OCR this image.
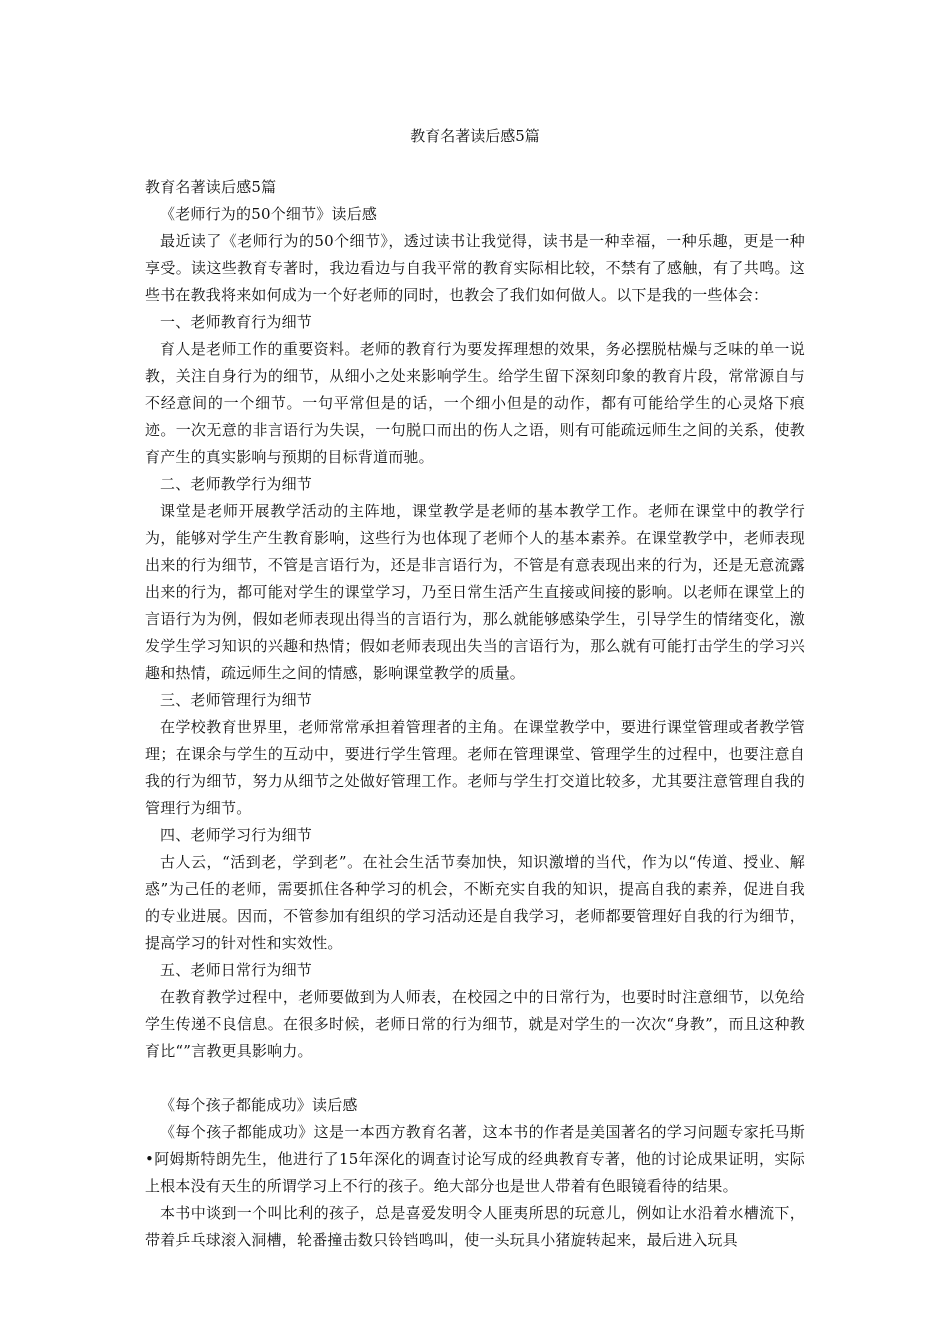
教育名著读后感5篇

教育名著读后感5篇

《老师行为的50个细节》读后感

最近读了《老师行为的50个细节》，透过读书让我觉得，读书是一种幸福，一种乐趣，更是一种享受。读这些教育专著时，我边看边与自我平常的教育实际相比较，不禁有了感触，有了共鸣。这些书在教我将来如何成为一个好老师的同时，也教会了我们如何做人。以下是我的一些体会：

一、老师教育行为细节

育人是老师工作的重要资料。老师的教育行为要发挥理想的效果，务必摆脱枯燥与乏味的单一说教，关注自身行为的细节，从细小之处来影响学生。给学生留下深刻印象的教育片段，常常源自与不经意间的一个细节。一句平常但是的话，一个细小但是的动作，都有可能给学生的心灵烙下痕迹。一次无意的非言语行为失误，一句脱口而出的伤人之语，则有可能疏远师生之间的关系，使教育产生的真实影响与预期的目标背道而驰。

二、老师教学行为细节

课堂是老师开展教学活动的主阵地，课堂教学是老师的基本教学工作。老师在课堂中的教学行为，能够对学生产生教育影响，这些行为也体现了老师个人的基本素养。在课堂教学中，老师表现出来的行为细节，不管是言语行为，还是非言语行为，不管是有意表现出来的行为，还是无意流露出来的行为，都可能对学生的课堂学习，乃至日常生活产生直接或间接的影响。以老师在课堂上的言语行为为例，假如老师表现出得当的言语行为，那么就能够感染学生，引导学生的情绪变化，激发学生学习知识的兴趣和热情；假如老师表现出失当的言语行为，那么就有可能打击学生的学习兴趣和热情，疏远师生之间的情感，影响课堂教学的质量。

三、老师管理行为细节

在学校教育世界里，老师常常承担着管理者的主角。在课堂教学中，要进行课堂管理或者教学管理；在课余与学生的互动中，要进行学生管理。老师在管理课堂、管理学生的过程中，也要注意自我的行为细节，努力从细节之处做好管理工作。老师与学生打交道比较多，尤其要注意管理自我的管理行为细节。

四、老师学习行为细节

古人云，“活到老，学到老”。在社会生活节奏加快，知识激增的当代，作为以“传道、授业、解惑”为己任的老师，需要抓住各种学习的机会，不断充实自我的知识，提高自我的素养，促进自我的专业进展。因而，不管参加有组织的学习活动还是自我学习，老师都要管理好自我的行为细节，提高学习的针对性和实效性。

五、老师日常行为细节

在教育教学过程中，老师要做到为人师表，在校园之中的日常行为，也要时时注意细节，以免给学生传递不良信息。在很多时候，老师日常的行为细节，就是对学生的一次次“身教”，而且这种教育比“”言教更具影响力。

《每个孩子都能成功》读后感

《每个孩子都能成功》这是一本西方教育名著，这本书的作者是美国著名的学习问题专家托马斯•阿姆斯特朗先生，他进行了15年深化的调查讨论写成的经典教育专著，他的讨论成果证明，实际上根本没有天生的所谓学习上不行的孩子。绝大部分也是世人带着有色眼镜看待的结果。

本书中谈到一个叫比利的孩子，总是喜爱发明令人匪夷所思的玩意儿，例如让水沿着水槽流下，带着乒乓球滚入洞槽，轮番撞击数只铃铛鸣叫，使一头玩具小猪旋转起来，最后进入玩具
